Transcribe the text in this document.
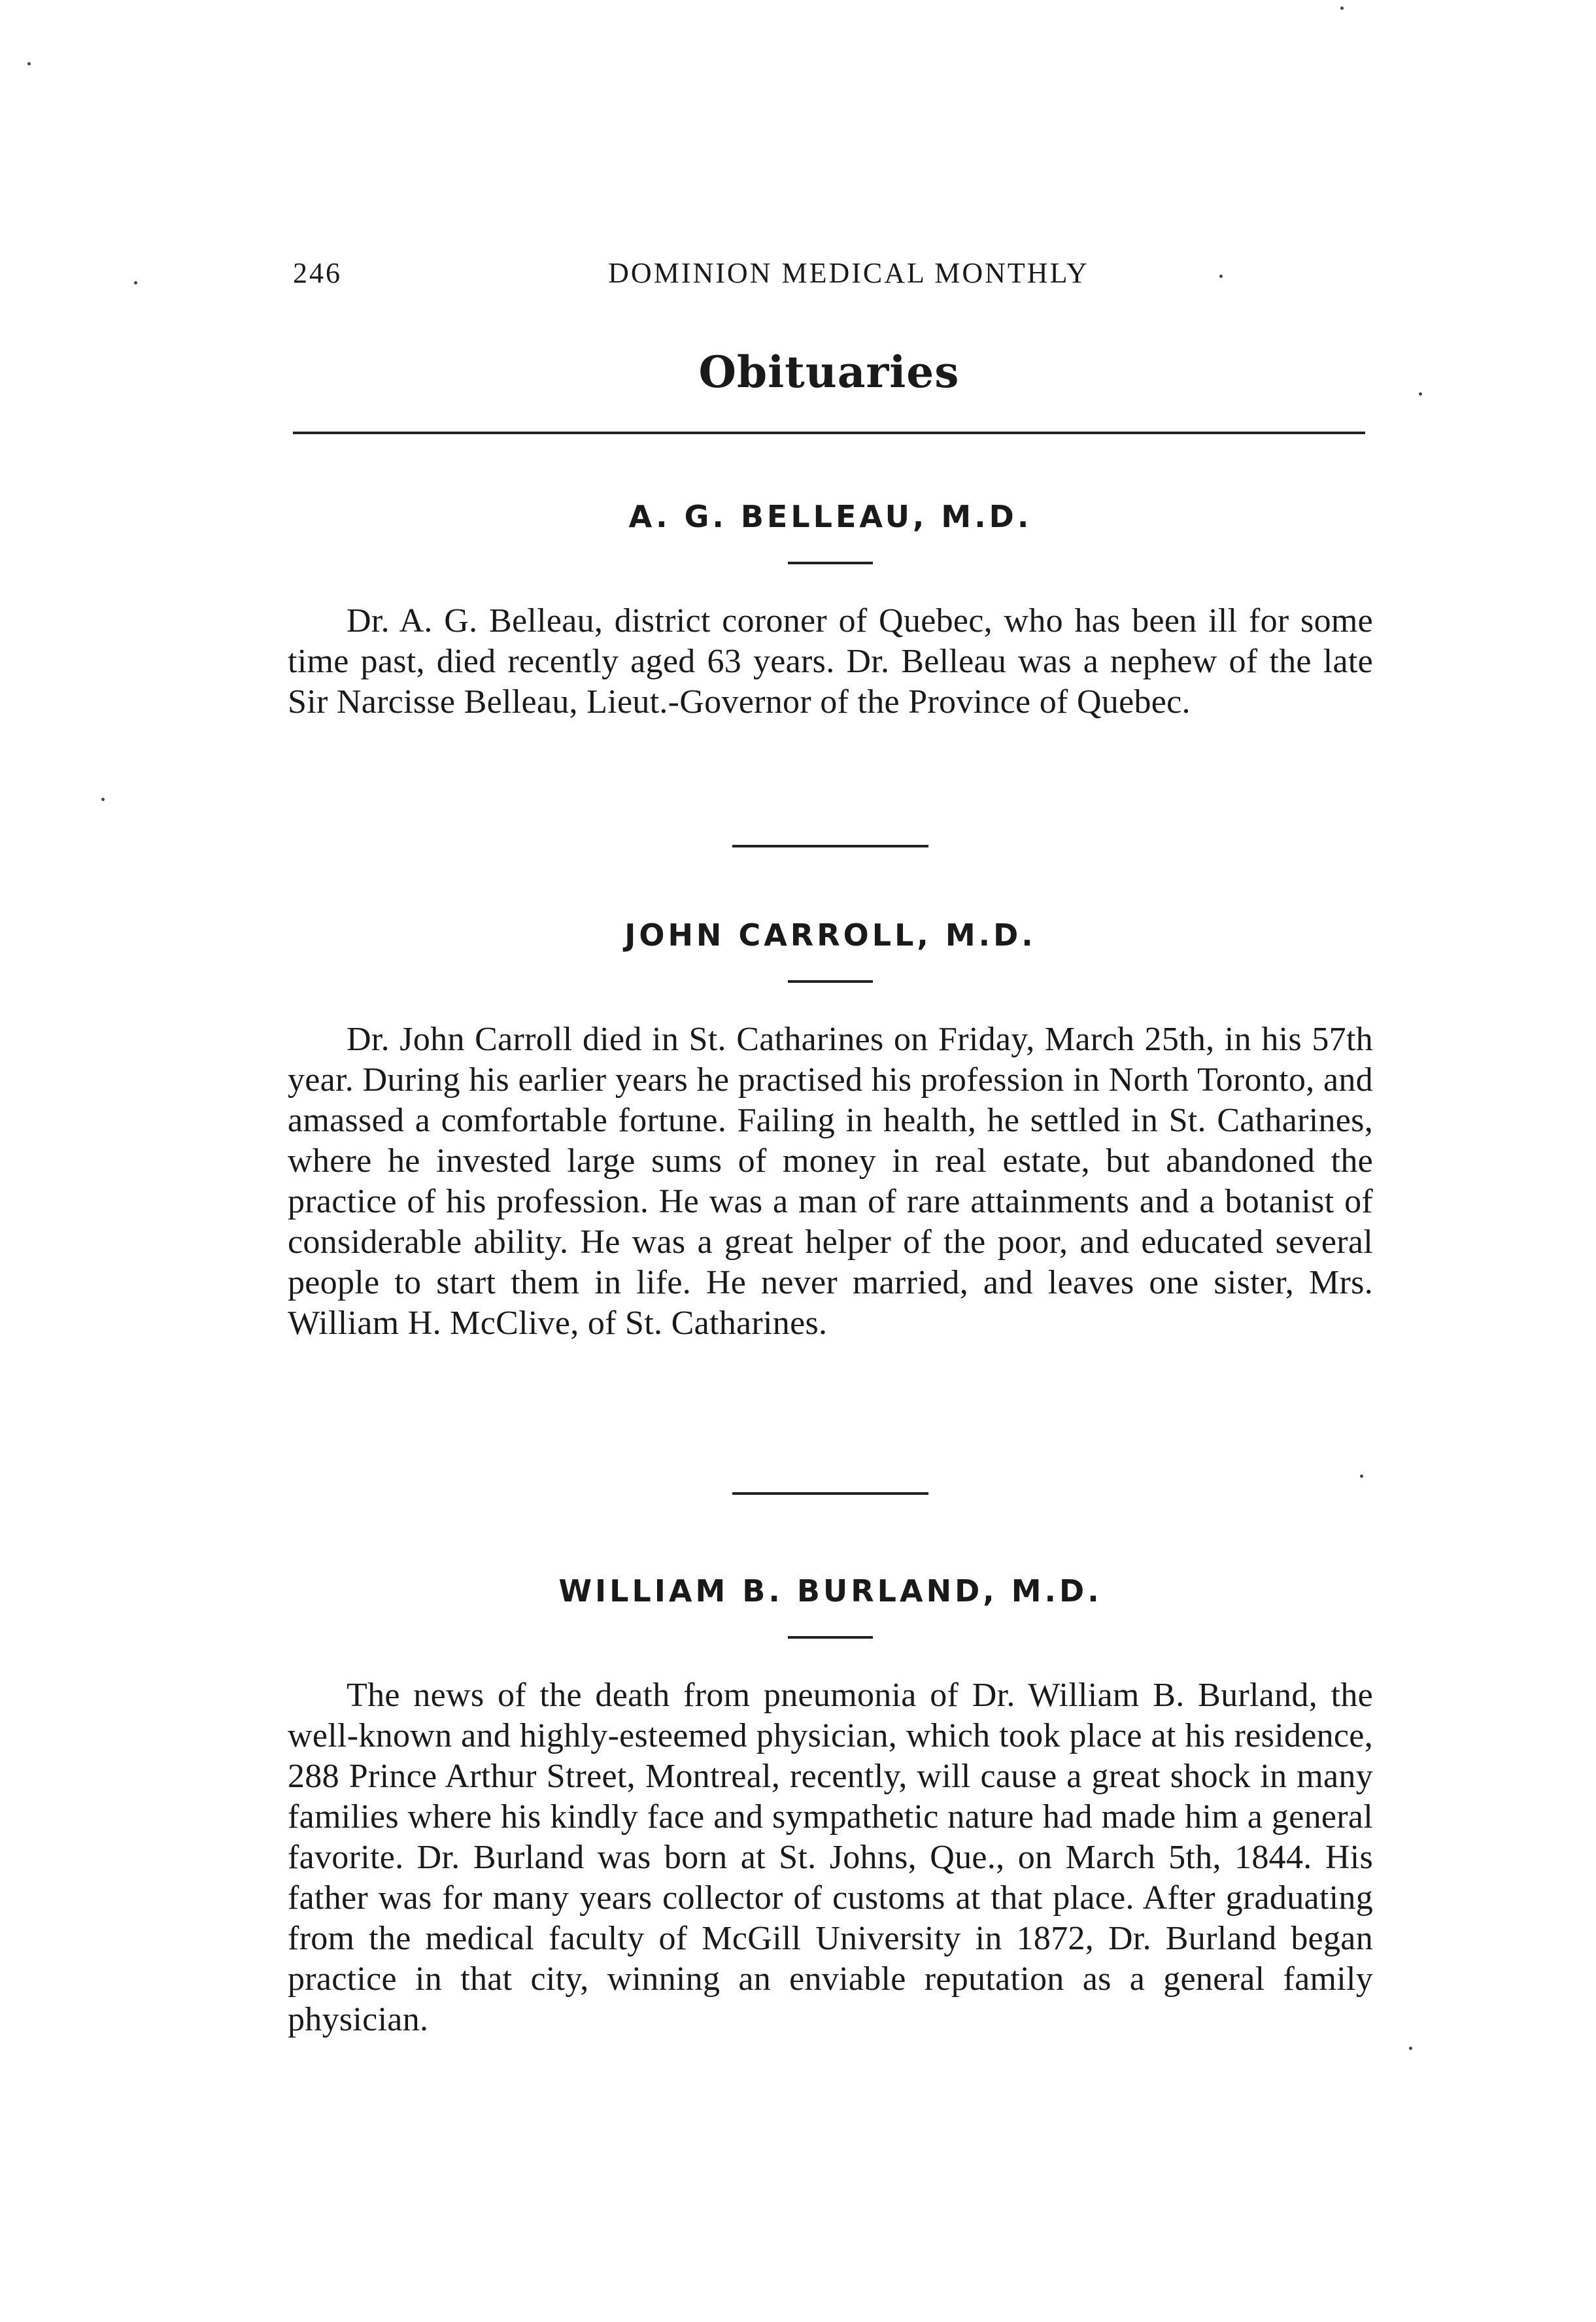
246	DOMINION MEDICAL MONTHLY
Obituaries
A. G. BELLEAU, M.D.

Dr. A. G. Belleau, district coroner of Quebec, who has been ill for some time past, died recently aged 63 years. Dr. Belleau was a nephew of the late Sir Narcisse Belleau, Lieut.-Governor of the Province of Quebec.

JOHN CARROLL, M.D.

Dr. John Carroll died in St. Catharines on Friday, March 25th, in his 57th year. During his earlier years he practised his profession in North Toronto, and amassed a comfortable fortune. Failing in health, he settled in St. Catharines, where he invested large sums of money in real estate, but abandoned the practice of his profession. He was a man of rare attainments and a botanist of considerable ability. He was a great helper of the poor, and educated several people to start them in life. He never married, and leaves one sister, Mrs. William H. McClive, of St. Catharines.

WILLIAM B. BURLAND, M.D.

The news of the death from pneumonia of Dr. William B. Burland, the well-known and highly-esteemed physician, which took place at his residence, 288 Prince Arthur Street, Montreal, recently, will cause a great shock in many families where his kindly face and sympathetic nature had made him a general favorite. Dr. Burland was born at St. Johns, Que., on March 5th, 1844. His father was for many years collector of customs at that place. After graduating from the medical faculty of McGill University in 1872, Dr. Burland began practice in that city, winning an enviable reputation as a general family physician.
